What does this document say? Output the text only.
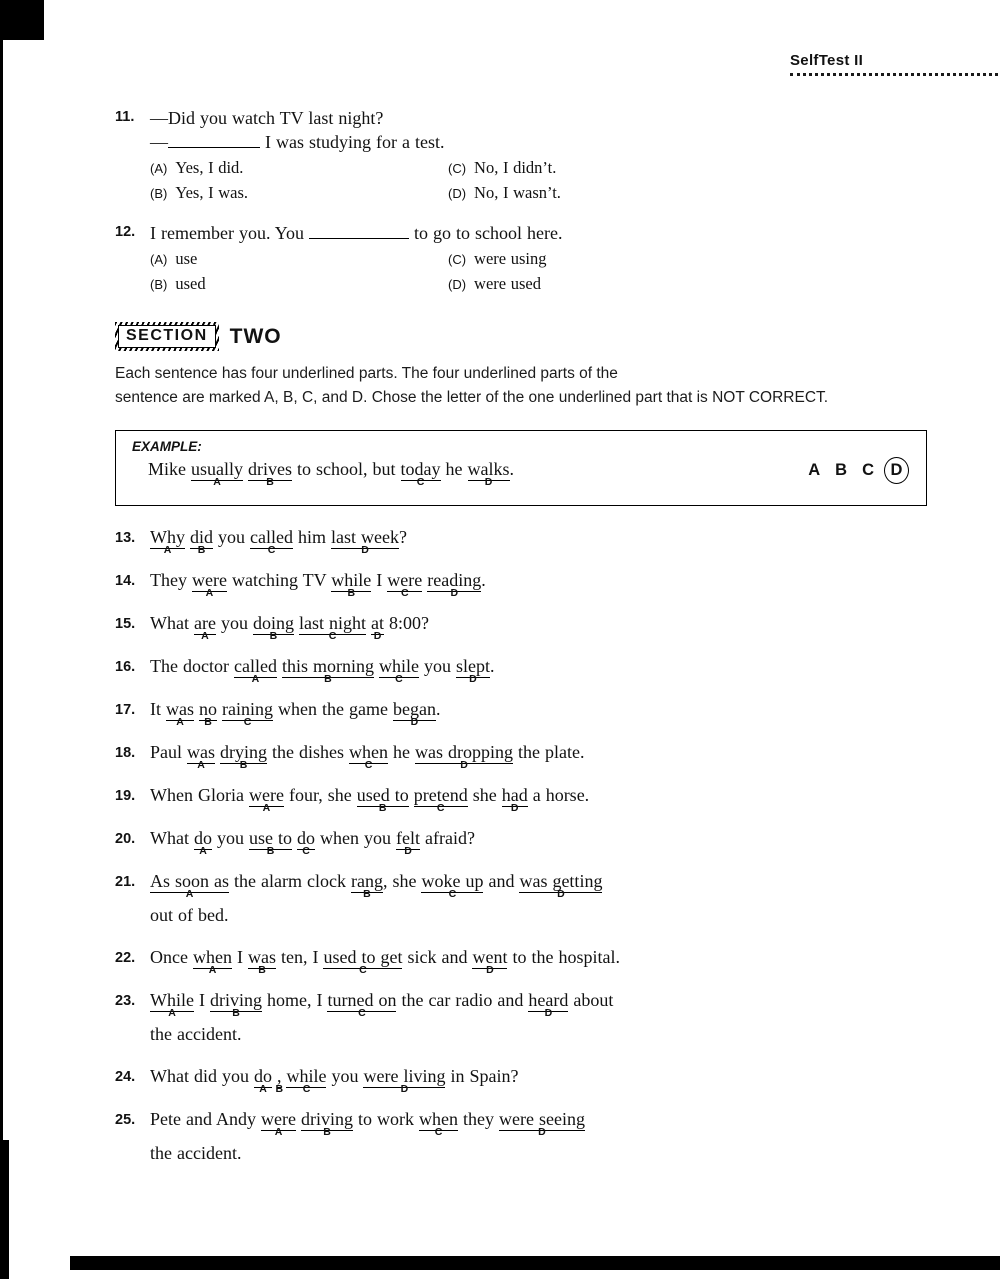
SelfTest II
11. —Did you watch TV last night?
—	I was studying for a test.
(A) Yes, I did.	(C) No, I didn’t.
(B) Yes, I was.	(D) No, I wasn’t.
12. I remember you. You	to go to school here.
(A) use	(C) were using
(B) used	(D) were used
SECTION	TWO
Each sentence has four underlined parts. The four underlined parts of the
sentence are marked A, B, C, and D. Chose the letter of the one underlined part that is NOT CORRECT.
EXAMPLE:
Mike usually
A
drives
B
to school, but today
C
he walks
D
.	A B C	D
13. Why
A
did
B
you called
C
him last week
D
?
14. They were
A
watching TV while
B
I were
C
reading
D
.
15. What are
A
you doing
B
last night
C
at
D
8:00?
16. The doctor called
A
this morning
B
while
C
you slept
D
.
17. It was
A
no
B
raining
C
when the game began
D
.
18. Paul was
A
drying
B
the dishes when
C
he was dropping
D
the plate.
19. When Gloria were
A
four, she used to
B
pretend
C
she had
D
a horse.
20. What do
A
you use to
B
do
C
when you felt
D
afraid?
21. As soon as
A
the alarm clock rang
B
, she woke up
C
and was getting
D
out of bed.
22. Once when
A
I was
B
ten, I used to get
C
sick and went
D
to the hospital.
23. While
A
I driving
B
home, I turned on
C
the car radio and heard
D
about
the accident.
24. What did you do
A
,
B
while
C
you were living
D
in Spain?
25. Pete and Andy were
A
driving
B
to work when
C
they were seeing
D
the accident.
